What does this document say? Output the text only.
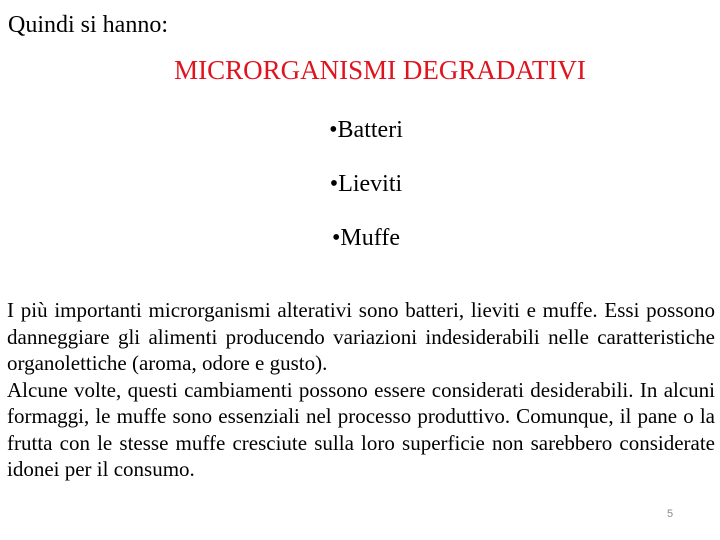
Quindi si hanno:
MICRORGANISMI DEGRADATIVI
•Batteri
•Lieviti
•Muffe

I più importanti microrganismi alterativi sono batteri, lieviti e muffe. Essi possono danneggiare gli alimenti producendo variazioni indesiderabili nelle caratteristiche organolettiche (aroma, odore e gusto).

Alcune volte, questi cambiamenti possono essere considerati desiderabili. In alcuni formaggi, le muffe sono essenziali nel processo produttivo. Comunque, il pane o la frutta con le stesse muffe cresciute sulla loro superficie non sarebbero considerate idonei per il consumo.

5
